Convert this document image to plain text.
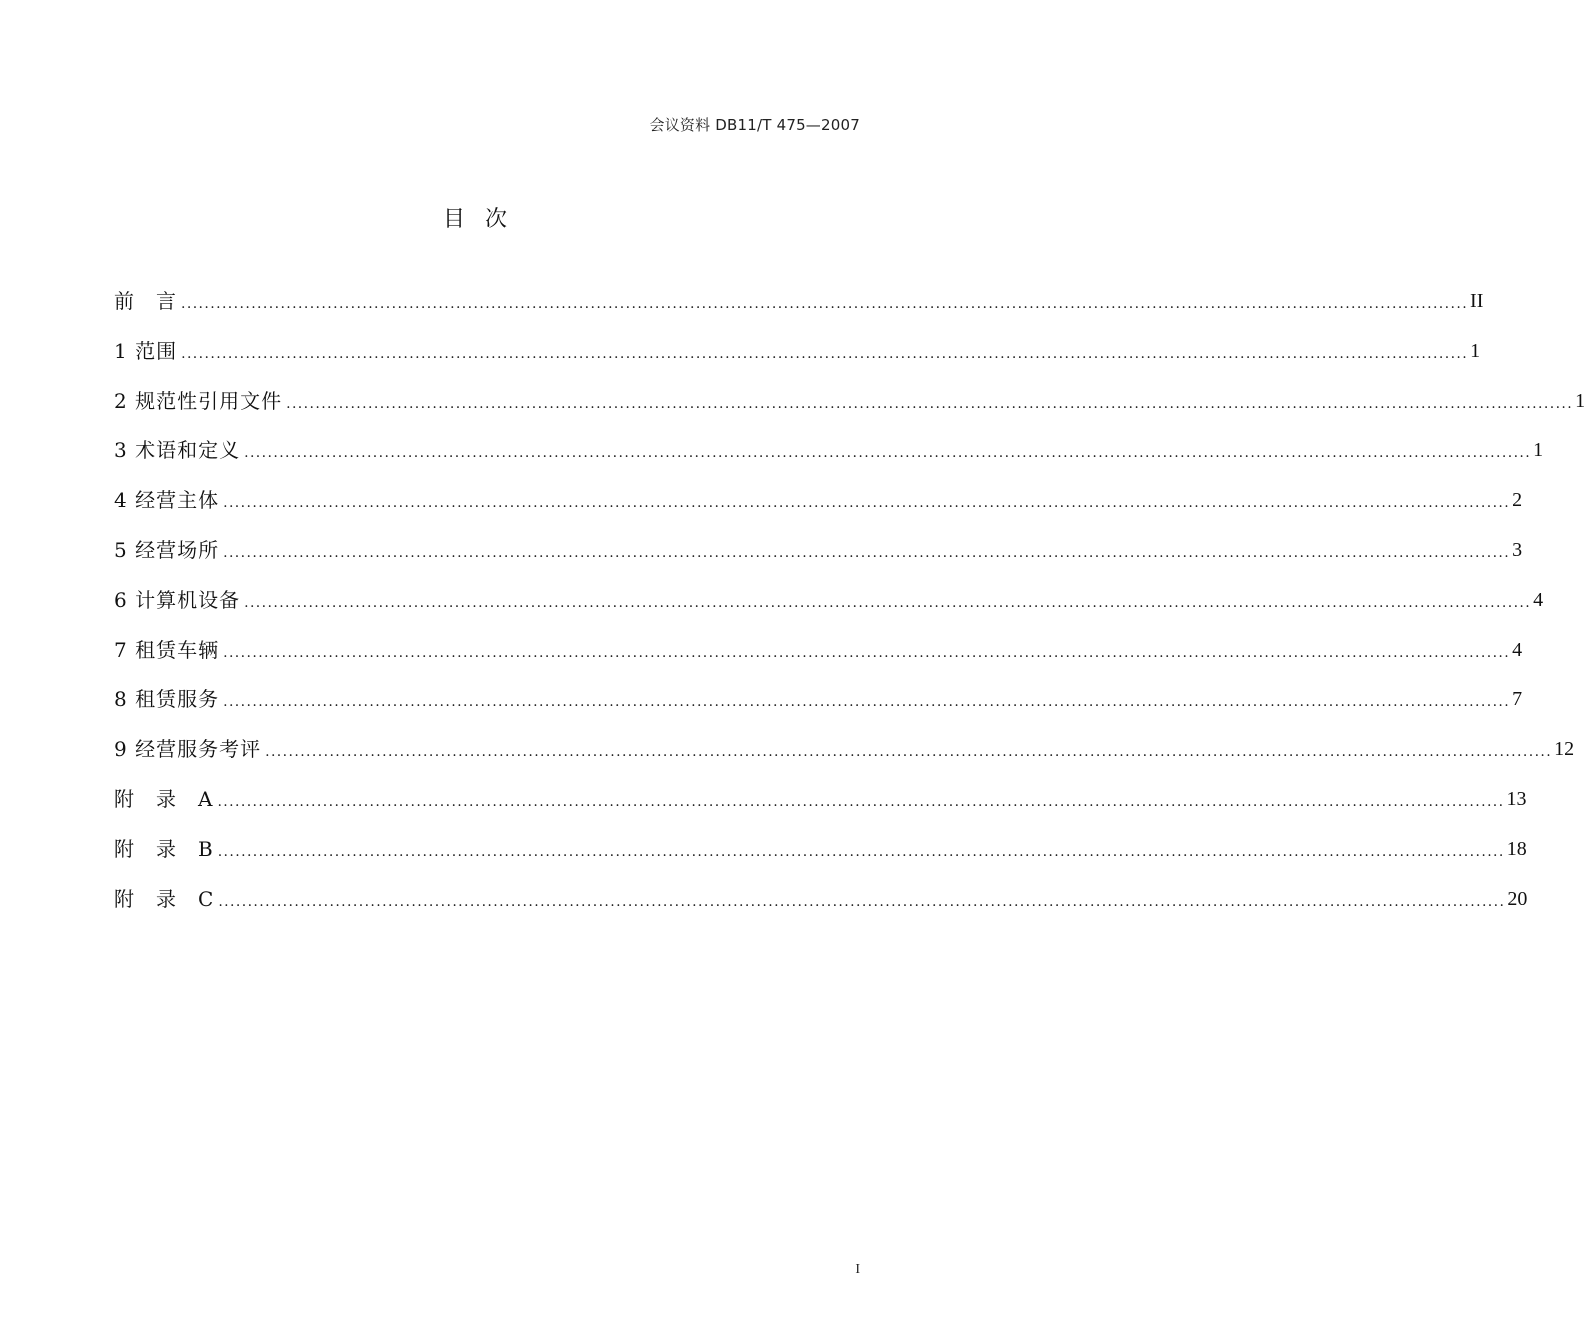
会议资料 DB11/T 475—2007
目次
前　言 ............................................................................................................................................................................................................................ II
1 范围 ............................................................................................................................................................................................................................ 1
2 规范性引用文件 ............................................................................................................................................................................................................................ 1
3 术语和定义 ............................................................................................................................................................................................................................ 1
4 经营主体 ............................................................................................................................................................................................................................ 2
5 经营场所 ............................................................................................................................................................................................................................ 3
6 计算机设备 ............................................................................................................................................................................................................................ 4
7 租赁车辆 ............................................................................................................................................................................................................................ 4
8 租赁服务 ............................................................................................................................................................................................................................ 7
9 经营服务考评 ............................................................................................................................................................................................................................ 12
附　录　A ............................................................................................................................................................................................................................ 13
附　录　B ............................................................................................................................................................................................................................ 18
附　录　C ............................................................................................................................................................................................................................ 20
I
